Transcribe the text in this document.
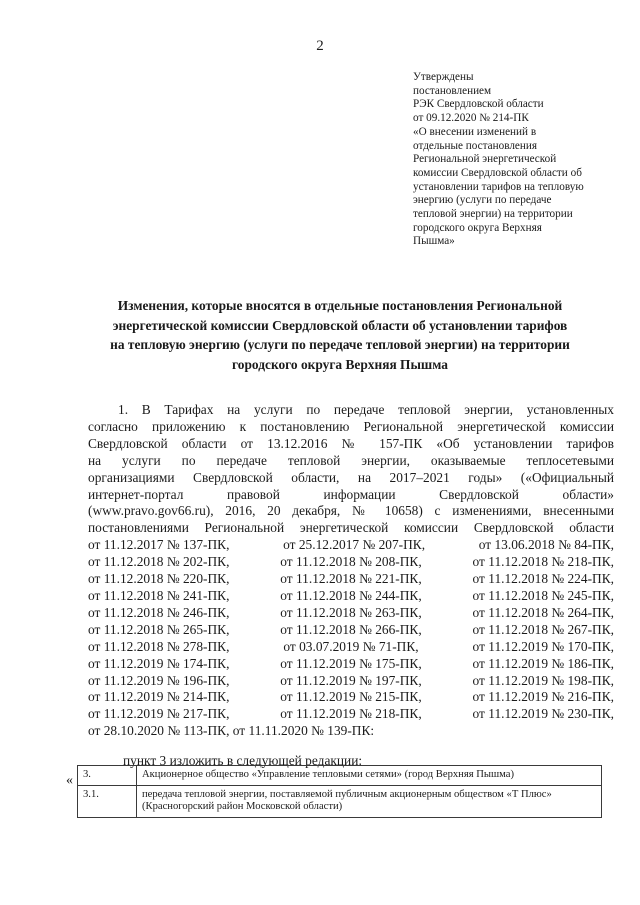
2
Утверждены
постановлением
РЭК Свердловской области
от 09.12.2020 № 214-ПК
«О внесении изменений в
отдельные постановления
Региональной энергетической
комиссии Свердловской области об
установлении тарифов на тепловую
энергию (услуги по передаче
тепловой энергии) на территории
городского округа Верхняя
Пышма»
Изменения, которые вносятся в отдельные постановления Региональной
энергетической комиссии Свердловской области об установлении тарифов
на тепловую энергию (услуги по передаче тепловой энергии) на территории
городского округа Верхняя Пышма
1. В Тарифах на услуги по передаче тепловой энергии, установленных
согласно приложению к постановлению Региональной энергетической комиссии
Свердловской области от 13.12.2016 № 157-ПК «Об установлении тарифов
на услуги по передаче тепловой энергии, оказываемые теплосетевыми
организациями Свердловской области, на 2017–2021 годы» («Официальный
интернет-портал правовой информации Свердловской области»
(www.pravo.gov66.ru), 2016, 20 декабря, № 10658) с изменениями, внесенными
постановлениями Региональной энергетической комиссии Свердловской области
от 11.12.2017 № 137-ПК,	от 25.12.2017 № 207-ПК,	от 13.06.2018 № 84-ПК,
от 11.12.2018 № 202-ПК,	от 11.12.2018 № 208-ПК,	от 11.12.2018 № 218-ПК,
от 11.12.2018 № 220-ПК,	от 11.12.2018 № 221-ПК,	от 11.12.2018 № 224-ПК,
от 11.12.2018 № 241-ПК,	от 11.12.2018 № 244-ПК,	от 11.12.2018 № 245-ПК,
от 11.12.2018 № 246-ПК,	от 11.12.2018 № 263-ПК,	от 11.12.2018 № 264-ПК,
от 11.12.2018 № 265-ПК,	от 11.12.2018 № 266-ПК,	от 11.12.2018 № 267-ПК,
от 11.12.2018 № 278-ПК,	от 03.07.2019 № 71-ПК,	от 11.12.2019 № 170-ПК,
от 11.12.2019 № 174-ПК,	от 11.12.2019 № 175-ПК,	от 11.12.2019 № 186-ПК,
от 11.12.2019 № 196-ПК,	от 11.12.2019 № 197-ПК,	от 11.12.2019 № 198-ПК,
от 11.12.2019 № 214-ПК,	от 11.12.2019 № 215-ПК,	от 11.12.2019 № 216-ПК,
от 11.12.2019 № 217-ПК,	от 11.12.2019 № 218-ПК,	от 11.12.2019 № 230-ПК,
от 28.10.2020 № 113-ПК, от 11.11.2020 № 139-ПК:
пункт 3 изложить в следующей редакции:
« 3.	Акционерное общество «Управление тепловыми сетями» (город Верхняя Пышма)
3.1.	передача тепловой энергии, поставляемой публичным акционерным обществом «Т Плюс» (Красногорский район Московской области)
